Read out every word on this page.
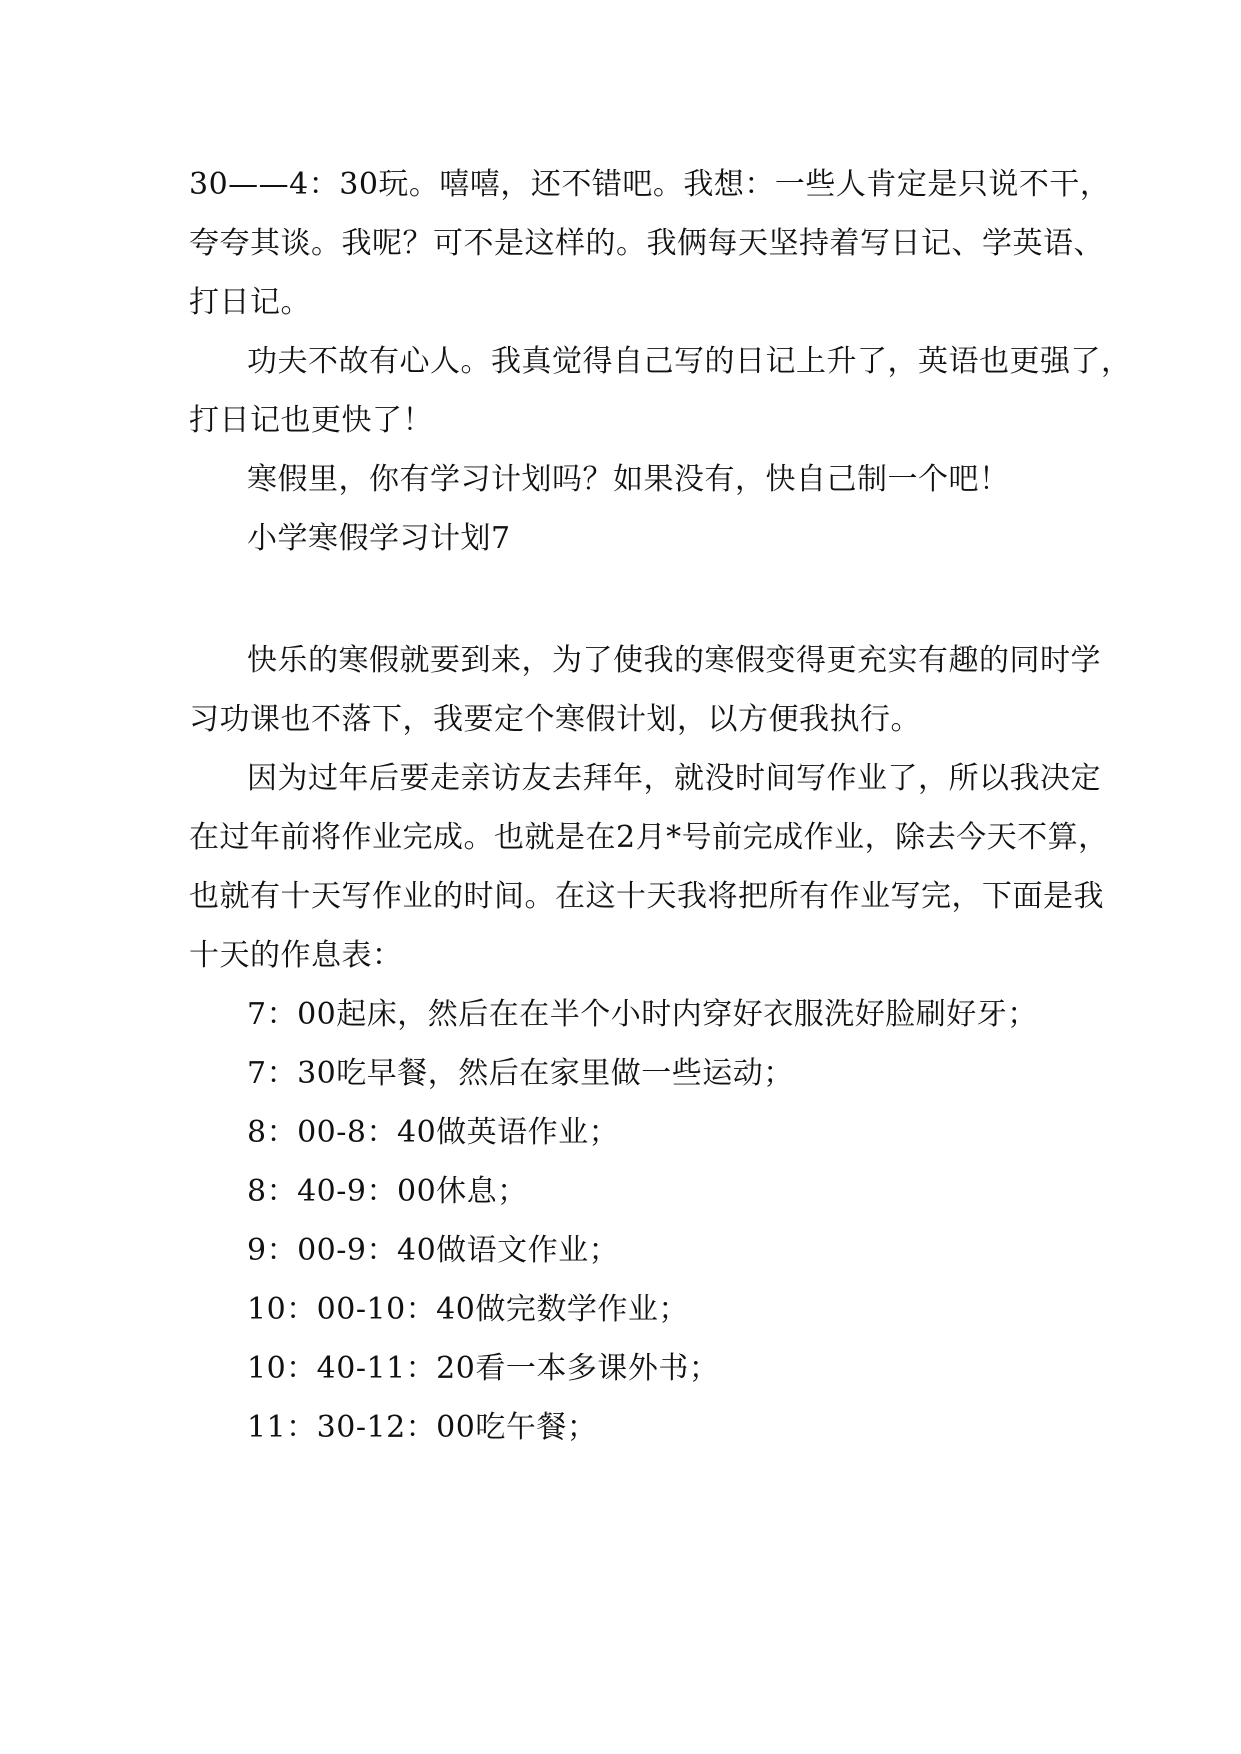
30——4：30玩。嘻嘻，还不错吧。我想：一些人肯定是只说不干，
夸夸其谈。我呢？可不是这样的。我俩每天坚持着写日记、学英语、
打日记。
功夫不故有心人。我真觉得自己写的日记上升了，英语也更强了，
打日记也更快了！
寒假里，你有学习计划吗？如果没有，快自己制一个吧！
小学寒假学习计划7
快乐的寒假就要到来，为了使我的寒假变得更充实有趣的同时学
习功课也不落下，我要定个寒假计划，以方便我执行。
因为过年后要走亲访友去拜年，就没时间写作业了，所以我决定
在过年前将作业完成。也就是在2月*号前完成作业，除去今天不算，
也就有十天写作业的时间。在这十天我将把所有作业写完，下面是我
十天的作息表：
7：00起床，然后在在半个小时内穿好衣服洗好脸刷好牙；
7：30吃早餐，然后在家里做一些运动；
8：00-8：40做英语作业；
8：40-9：00休息；
9：00-9：40做语文作业；
10：00-10：40做完数学作业；
10：40-11：20看一本多课外书；
11：30-12：00吃午餐；
